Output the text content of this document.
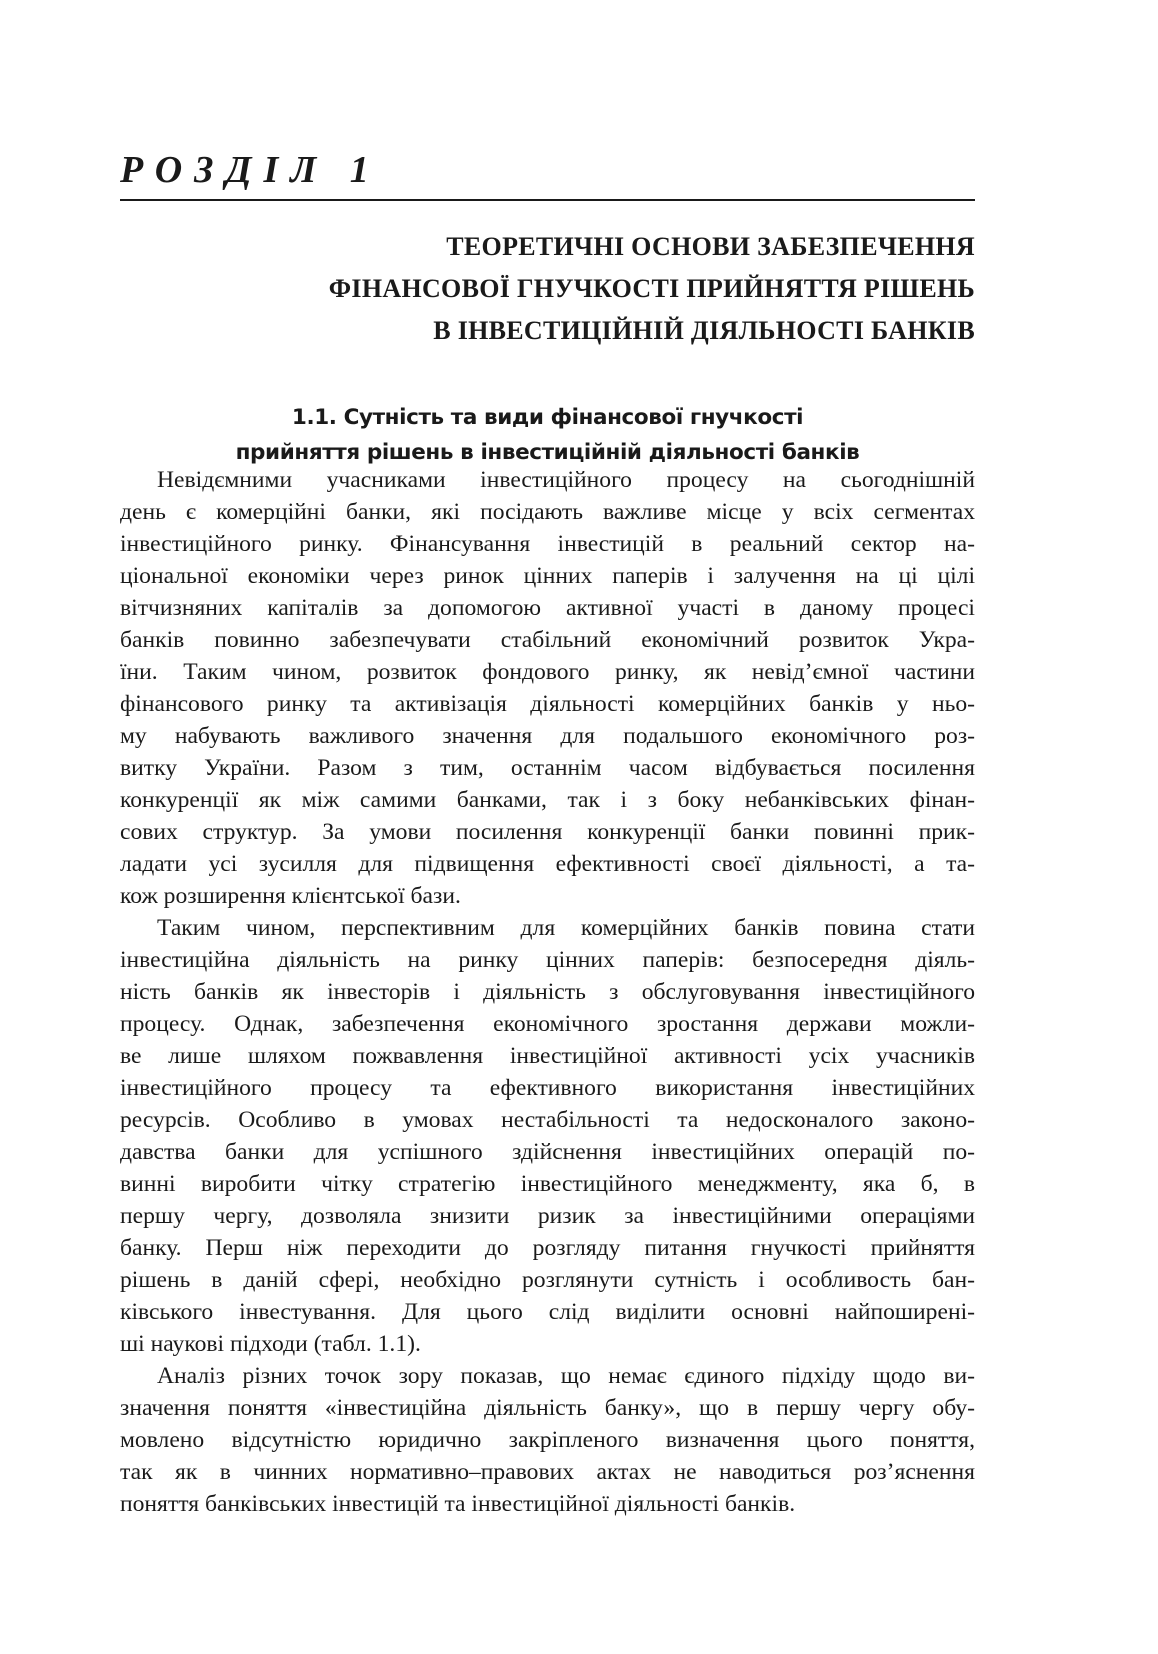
РОЗДІЛ 1
ТЕОРЕТИЧНІ ОСНОВИ ЗАБЕЗПЕЧЕННЯ
ФІНАНСОВОЇ ГНУЧКОСТІ ПРИЙНЯТТЯ РІШЕНЬ
В ІНВЕСТИЦІЙНІЙ ДІЯЛЬНОСТІ БАНКІВ
1.1. Сутність та види фінансової гнучкості
прийняття рішень в інвестиційній діяльності банків

Невідємними учасниками інвестиційного процесу на сьогоднішній
день є комерційні банки, які посідають важливе місце у всіх сегментах
інвестиційного ринку. Фінансування інвестицій в реальний сектор на-
ціональної економіки через ринок цінних паперів і залучення на ці цілі
вітчизняних капіталів за допомогою активної участі в даному процесі
банків повинно забезпечувати стабільний економічний розвиток Укра-
їни. Таким чином, розвиток фондового ринку, як невід’ємної частини
фінансового ринку та активізація діяльності комерційних банків у ньо-
му набувають важливого значення для подальшого економічного роз-
витку України. Разом з тим, останнім часом відбувається посилення
конкуренції як між самими банками, так і з боку небанківських фінан-
сових структур. За умови посилення конкуренції банки повинні прик-
ладати усі зусилля для підвищення ефективності своєї діяльності, а та-
кож розширення клієнтської бази.

Таким чином, перспективним для комерційних банків повина стати
інвестиційна діяльність на ринку цінних паперів: безпосередня діяль-
ність банків як інвесторів і діяльність з обслуговування інвестиційного
процесу. Однак, забезпечення економічного зростання держави можли-
ве лише шляхом пожвавлення інвестиційної активності усіх учасників
інвестиційного процесу та ефективного використання інвестиційних
ресурсів. Особливо в умовах нестабільності та недосконалого законо-
давства банки для успішного здійснення інвестиційних операцій по-
винні виробити чітку стратегію інвестиційного менеджменту, яка б, в
першу чергу, дозволяла знизити ризик за інвестиційними операціями
банку. Перш ніж переходити до розгляду питання гнучкості прийняття
рішень в даній сфері, необхідно розглянути сутність і особливость бан-
ківського інвестування. Для цього слід виділити основні найпоширені-
ші наукові підходи (табл. 1.1).

Аналіз різних точок зору показав, що немає єдиного підхіду щодо ви-
значення поняття «інвестиційна діяльність банку», що в першу чергу обу-
мовлено відсутністю юридично закріпленого визначення цього поняття,
так як в чинних нормативно–правових актах не наводиться роз’яснення
поняття банківських інвестицій та інвестиційної діяльності банків.
